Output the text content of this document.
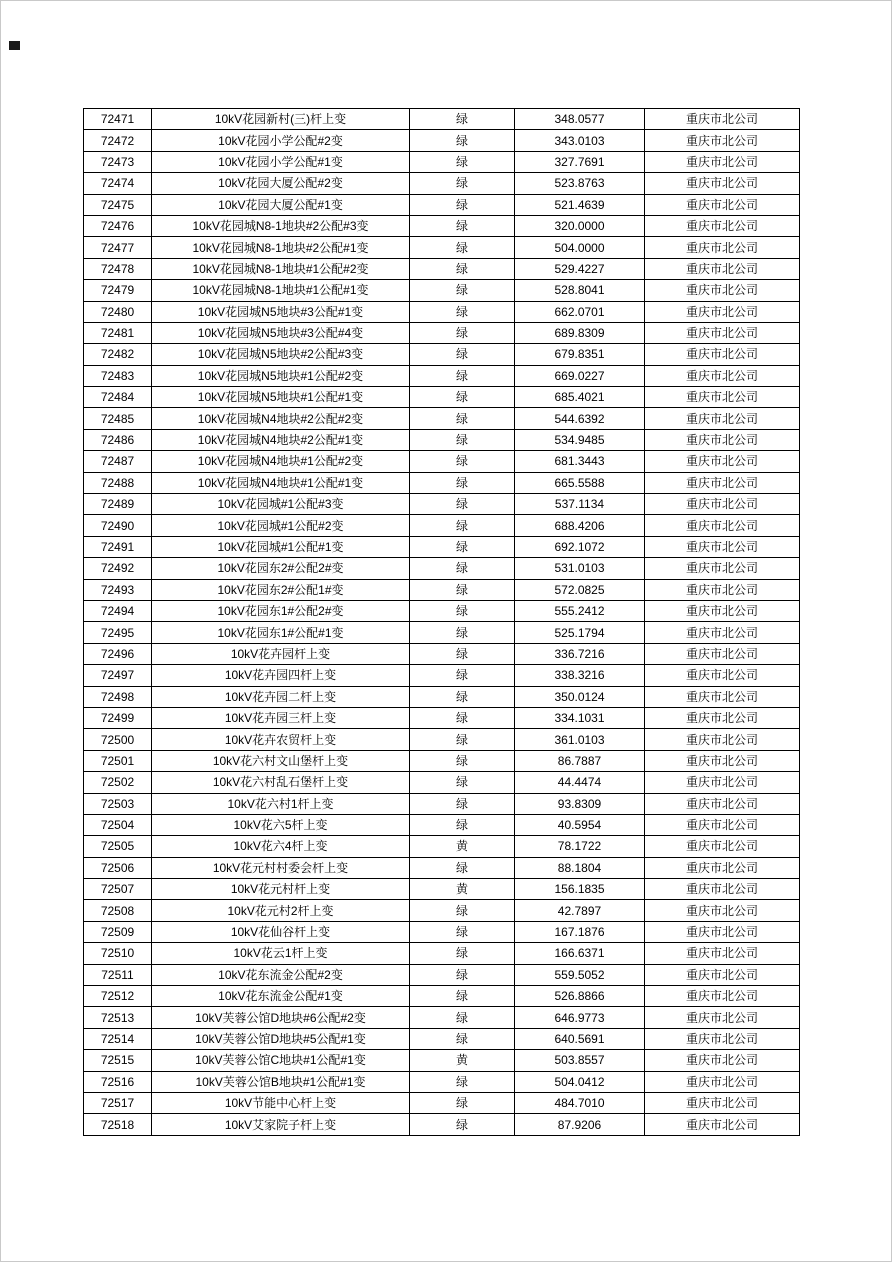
72471	10kV花园新村(三)杆上变	绿	348.0577	重庆市北公司
72472	10kV花园小学公配#2变	绿	343.0103	重庆市北公司
72473	10kV花园小学公配#1变	绿	327.7691	重庆市北公司
72474	10kV花园大厦公配#2变	绿	523.8763	重庆市北公司
72475	10kV花园大厦公配#1变	绿	521.4639	重庆市北公司
72476	10kV花园城N8-1地块#2公配#3变	绿	320.0000	重庆市北公司
72477	10kV花园城N8-1地块#2公配#1变	绿	504.0000	重庆市北公司
72478	10kV花园城N8-1地块#1公配#2变	绿	529.4227	重庆市北公司
72479	10kV花园城N8-1地块#1公配#1变	绿	528.8041	重庆市北公司
72480	10kV花园城N5地块#3公配#1变	绿	662.0701	重庆市北公司
72481	10kV花园城N5地块#3公配#4变	绿	689.8309	重庆市北公司
72482	10kV花园城N5地块#2公配#3变	绿	679.8351	重庆市北公司
72483	10kV花园城N5地块#1公配#2变	绿	669.0227	重庆市北公司
72484	10kV花园城N5地块#1公配#1变	绿	685.4021	重庆市北公司
72485	10kV花园城N4地块#2公配#2变	绿	544.6392	重庆市北公司
72486	10kV花园城N4地块#2公配#1变	绿	534.9485	重庆市北公司
72487	10kV花园城N4地块#1公配#2变	绿	681.3443	重庆市北公司
72488	10kV花园城N4地块#1公配#1变	绿	665.5588	重庆市北公司
72489	10kV花园城#1公配#3变	绿	537.1134	重庆市北公司
72490	10kV花园城#1公配#2变	绿	688.4206	重庆市北公司
72491	10kV花园城#1公配#1变	绿	692.1072	重庆市北公司
72492	10kV花园东2#公配2#变	绿	531.0103	重庆市北公司
72493	10kV花园东2#公配1#变	绿	572.0825	重庆市北公司
72494	10kV花园东1#公配2#变	绿	555.2412	重庆市北公司
72495	10kV花园东1#公配#1变	绿	525.1794	重庆市北公司
72496	10kV花卉园杆上变	绿	336.7216	重庆市北公司
72497	10kV花卉园四杆上变	绿	338.3216	重庆市北公司
72498	10kV花卉园二杆上变	绿	350.0124	重庆市北公司
72499	10kV花卉园三杆上变	绿	334.1031	重庆市北公司
72500	10kV花卉农贸杆上变	绿	361.0103	重庆市北公司
72501	10kV花六村文山堡杆上变	绿	86.7887	重庆市北公司
72502	10kV花六村乱石堡杆上变	绿	44.4474	重庆市北公司
72503	10kV花六村1杆上变	绿	93.8309	重庆市北公司
72504	10kV花六5杆上变	绿	40.5954	重庆市北公司
72505	10kV花六4杆上变	黄	78.1722	重庆市北公司
72506	10kV花元村村委会杆上变	绿	88.1804	重庆市北公司
72507	10kV花元村杆上变	黄	156.1835	重庆市北公司
72508	10kV花元村2杆上变	绿	42.7897	重庆市北公司
72509	10kV花仙谷杆上变	绿	167.1876	重庆市北公司
72510	10kV花云1杆上变	绿	166.6371	重庆市北公司
72511	10kV花东流金公配#2变	绿	559.5052	重庆市北公司
72512	10kV花东流金公配#1变	绿	526.8866	重庆市北公司
72513	10kV芙蓉公馆D地块#6公配#2变	绿	646.9773	重庆市北公司
72514	10kV芙蓉公馆D地块#5公配#1变	绿	640.5691	重庆市北公司
72515	10kV芙蓉公馆C地块#1公配#1变	黄	503.8557	重庆市北公司
72516	10kV芙蓉公馆B地块#1公配#1变	绿	504.0412	重庆市北公司
72517	10kV节能中心杆上变	绿	484.7010	重庆市北公司
72518	10kV艾家院子杆上变	绿	87.9206	重庆市北公司
